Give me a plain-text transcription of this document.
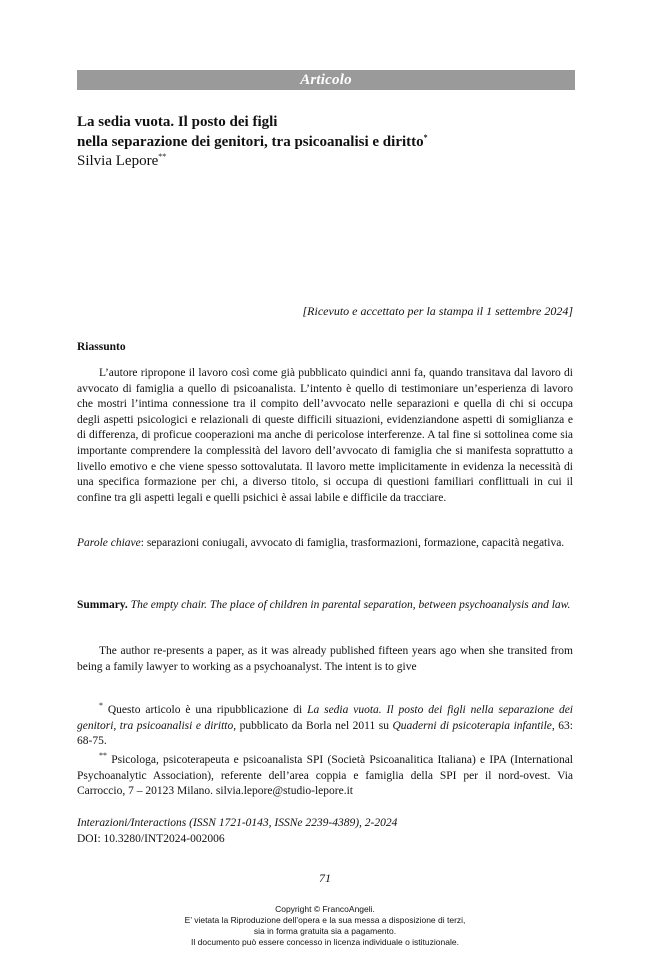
Articolo
La sedia vuota. Il posto dei figli
nella separazione dei genitori, tra psicoanalisi e diritto*

Silvia Lepore**

[Ricevuto e accettato per la stampa il 1 settembre 2024]

Riassunto

L’autore ripropone il lavoro così come già pubblicato quindici anni fa, quando transitava dal lavoro di avvocato di famiglia a quello di psicoanalista. L’intento è quello di testimoniare un’esperienza di lavoro che mostri l’intima connessione tra il compito dell’avvocato nelle separazioni e quella di chi si occupa degli aspetti psicologici e relazionali di queste difficili situazioni, evidenziandone aspetti di somiglianza e di differenza, di proficue cooperazioni ma anche di pericolose interferenze. A tal fine si sottolinea come sia importante comprendere la complessità del lavoro dell’avvocato di famiglia che si manifesta soprattutto a livello emotivo e che viene spesso sottovalutata. Il lavoro mette implicitamente in evidenza la necessità di una specifica formazione per chi, a diverso titolo, si occupa di questioni familiari conflittuali in cui il confine tra gli aspetti legali e quelli psichici è assai labile e difficile da tracciare.

Parole chiave: separazioni coniugali, avvocato di famiglia, trasformazioni, formazione, capacità negativa.

Summary. The empty chair. The place of children in parental separation, between psychoanalysis and law.

The author re-presents a paper, as it was already published fifteen years ago when she transited from being a family lawyer to working as a psychoanalyst. The intent is to give

* Questo articolo è una ripubblicazione di La sedia vuota. Il posto dei figli nella separazione dei genitori, tra psicoanalisi e diritto, pubblicato da Borla nel 2011 su Quaderni di psicoterapia infantile, 63: 68-75.

** Psicologa, psicoterapeuta e psicoanalista SPI (Società Psicoanalitica Italiana) e IPA (International Psychoanalytic Association), referente dell’area coppia e famiglia della SPI per il nord-ovest. Via Carroccio, 7 – 20123 Milano. silvia.lepore@studio-lepore.it

Interazioni/Interactions (ISSN 1721-0143, ISSNe 2239-4389), 2-2024
DOI: 10.3280/INT2024-002006

71

Copyright © FrancoAngeli.
E’ vietata la Riproduzione dell’opera e la sua messa a disposizione di terzi,
sia in forma gratuita sia a pagamento.
Il documento può essere concesso in licenza individuale o istituzionale.
